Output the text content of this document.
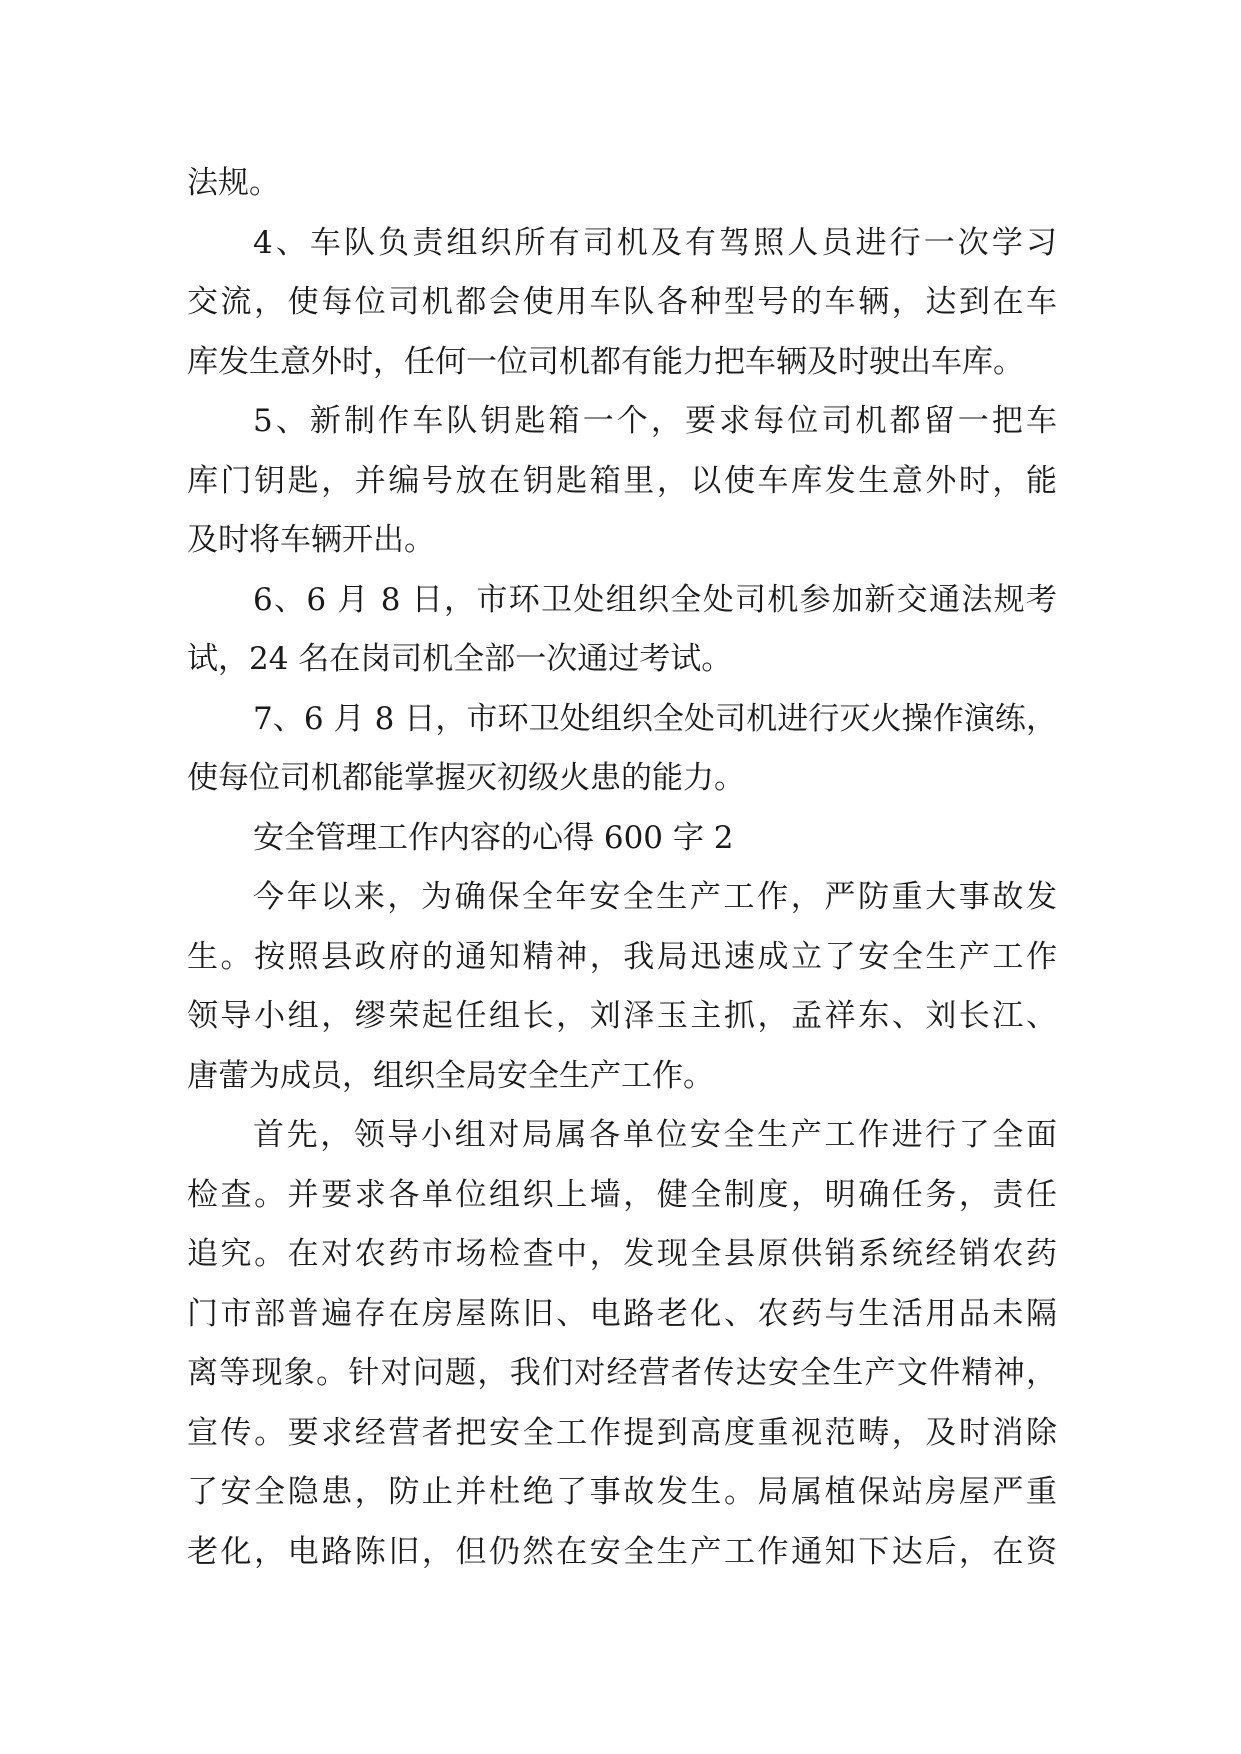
法规。
4、车队负责组织所有司机及有驾照人员进行一次学习
交流，使每位司机都会使用车队各种型号的车辆，达到在车
库发生意外时，任何一位司机都有能力把车辆及时驶出车库。
5、新制作车队钥匙箱一个，要求每位司机都留一把车
库门钥匙，并编号放在钥匙箱里，以使车库发生意外时，能
及时将车辆开出。
6、6 月 8 日，市环卫处组织全处司机参加新交通法规考
试，24 名在岗司机全部一次通过考试。
7、6 月 8 日，市环卫处组织全处司机进行灭火操作演练，
使每位司机都能掌握灭初级火患的能力。
安全管理工作内容的心得 600 字 2
今年以来，为确保全年安全生产工作，严防重大事故发
生。按照县政府的通知精神，我局迅速成立了安全生产工作
领导小组，缪荣起任组长，刘泽玉主抓，孟祥东、刘长江、
唐蕾为成员，组织全局安全生产工作。
首先，领导小组对局属各单位安全生产工作进行了全面
检查。并要求各单位组织上墙，健全制度，明确任务，责任
追究。在对农药市场检查中，发现全县原供销系统经销农药
门市部普遍存在房屋陈旧、电路老化、农药与生活用品未隔
离等现象。针对问题，我们对经营者传达安全生产文件精神，
宣传。要求经营者把安全工作提到高度重视范畴，及时消除
了安全隐患，防止并杜绝了事故发生。局属植保站房屋严重
老化，电路陈旧，但仍然在安全生产工作通知下达后，在资
